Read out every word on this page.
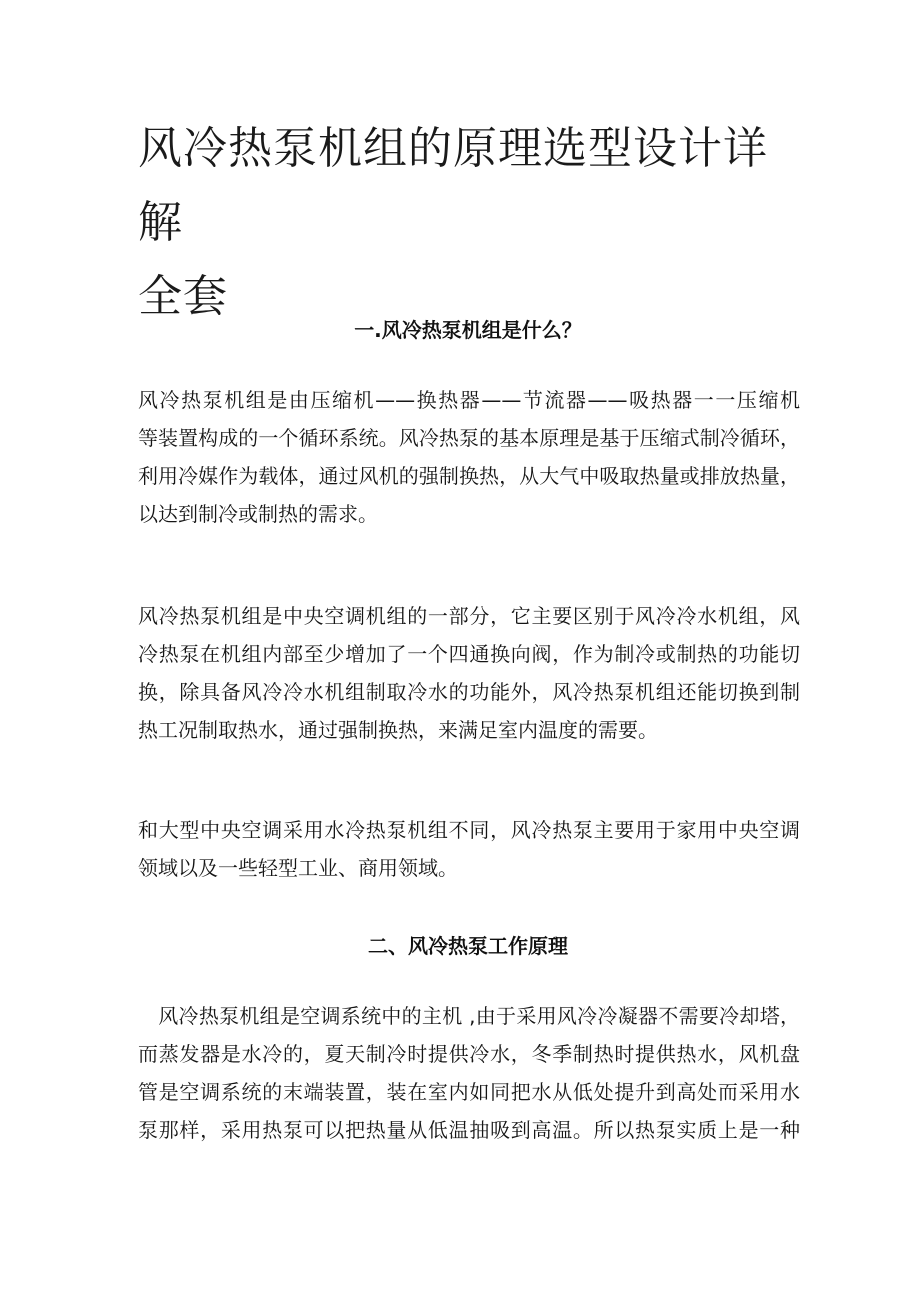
风冷热泵机组的原理选型设计详解
全套
一.风冷热泵机组是什么？

风冷热泵机组是由压缩机——换热器——节流器——吸热器一一压缩机
等装置构成的一个循环系统。风冷热泵的基本原理是基于压缩式制冷循环，
利用冷媒作为载体，通过风机的强制换热，从大气中吸取热量或排放热量，
以达到制冷或制热的需求。

风冷热泵机组是中央空调机组的一部分，它主要区别于风冷冷水机组，风
冷热泵在机组内部至少增加了一个四通换向阀，作为制冷或制热的功能切
换，除具备风冷冷水机组制取冷水的功能外，风冷热泵机组还能切换到制
热工况制取热水，通过强制换热，来满足室内温度的需要。

和大型中央空调采用水冷热泵机组不同，风冷热泵主要用于家用中央空调
领域以及一些轻型工业、商用领域。

二、风冷热泵工作原理

　风冷热泵机组是空调系统中的主机 ,由于采用风冷冷凝器不需要冷却塔，
而蒸发器是水冷的，夏天制冷时提供冷水，冬季制热时提供热水，风机盘
管是空调系统的末端装置，装在室内如同把水从低处提升到高处而采用水
泵那样，采用热泵可以把热量从低温抽吸到高温。所以热泵实质上是一种
